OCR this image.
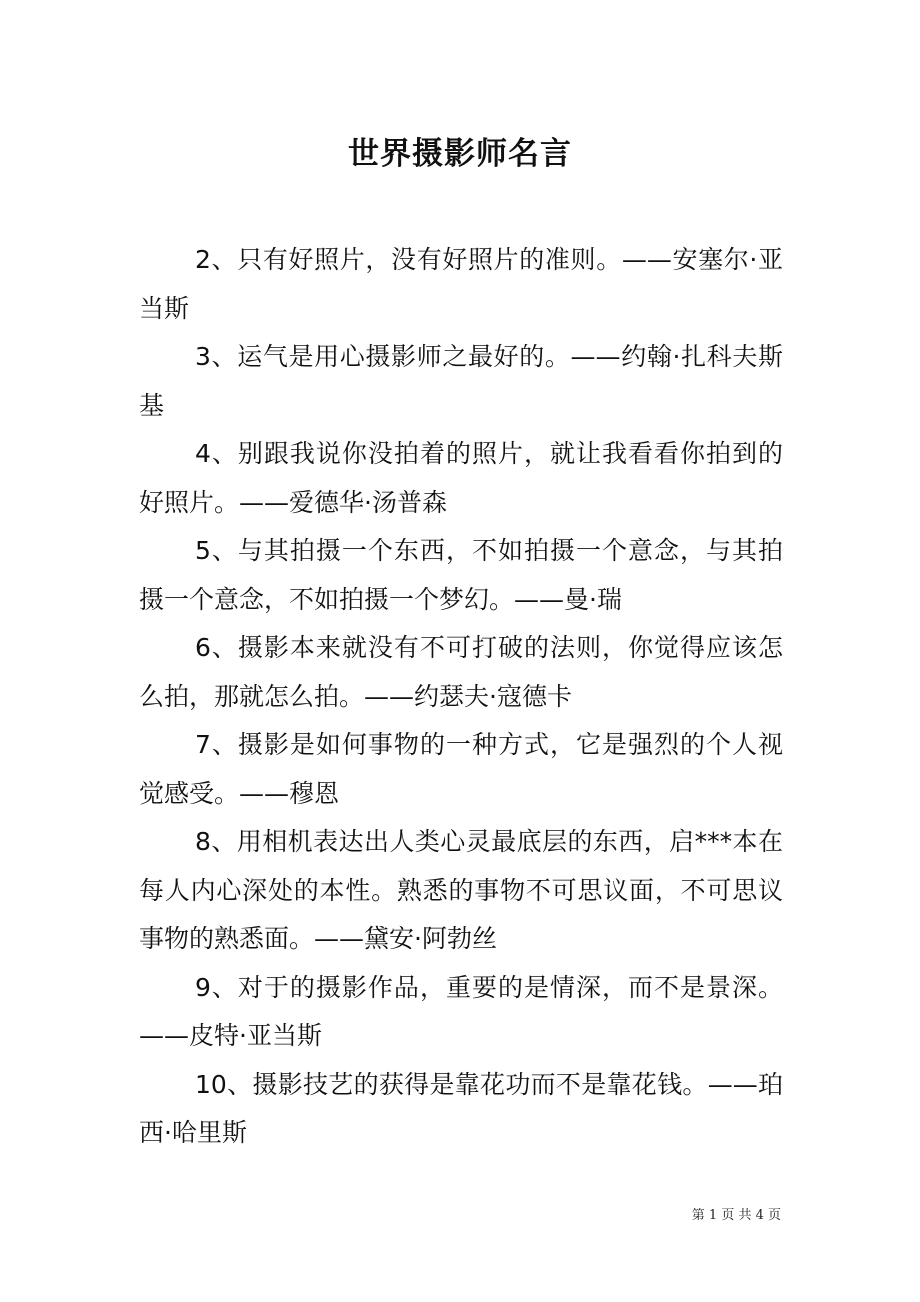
世界摄影师名言

2、只有好照片，没有好照片的准则。——安塞尔·亚当斯

3、运气是用心摄影师之最好的。——约翰·扎科夫斯基

4、别跟我说你没拍着的照片，就让我看看你拍到的好照片。——爱德华·汤普森

5、与其拍摄一个东西，不如拍摄一个意念，与其拍摄一个意念，不如拍摄一个梦幻。——曼·瑞

6、摄影本来就没有不可打破的法则，你觉得应该怎么拍，那就怎么拍。——约瑟夫·寇德卡

7、摄影是如何事物的一种方式，它是强烈的个人视觉感受。——穆恩

8、用相机表达出人类心灵最底层的东西，启***本在每人内心深处的本性。熟悉的事物不可思议面，不可思议事物的熟悉面。——黛安·阿勃丝

9、对于的摄影作品，重要的是情深，而不是景深。——皮特·亚当斯

10、摄影技艺的获得是靠花功而不是靠花钱。——珀西·哈里斯

第 1 页 共 4 页
